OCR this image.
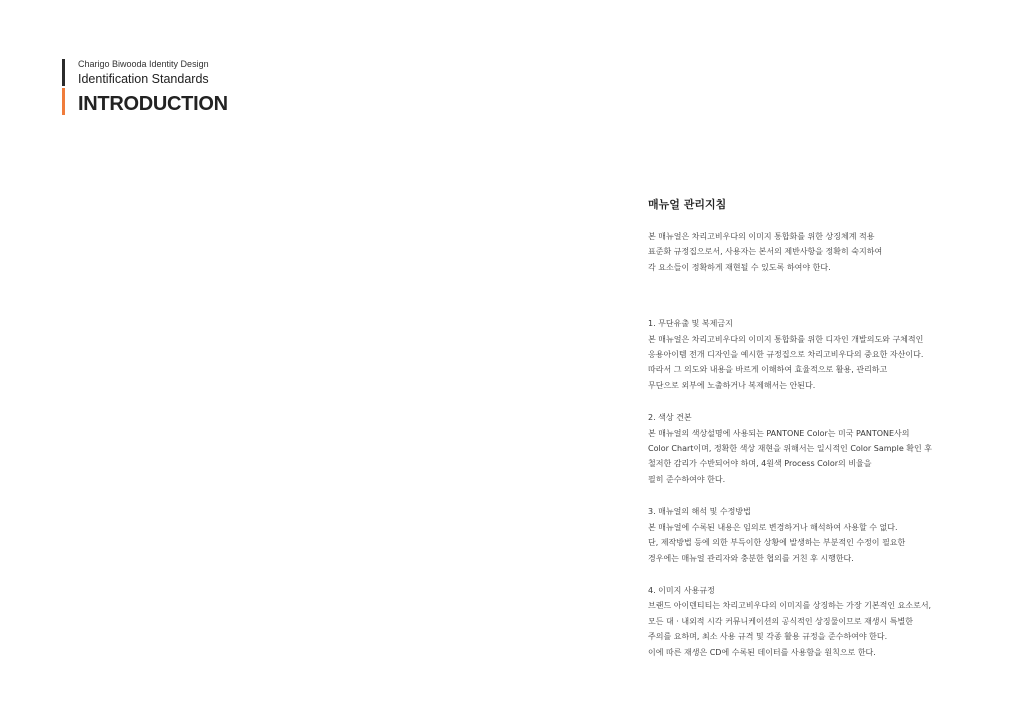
Charigo Biwooda Identity Design
Identification Standards
INTRODUCTION
매뉴얼 관리지침
본 매뉴얼은 차리고비우다의 이미지 통합화를 위한 상징체계 적용
표준화 규정집으로서, 사용자는 본서의 제반사항을 정확히 숙지하여
각 요소들이 정확하게 재현될 수 있도록 하여야 한다.
1. 무단유출 및 복제금지
본 매뉴얼은 차리고비우다의 이미지 통합화를 위한 디자인 개발의도와 구체적인
응용아이템 전개 디자인을 예시한 규정집으로 차리고비우다의 중요한 자산이다.
따라서 그 의도와 내용을 바르게 이해하여 효율적으로 활용, 관리하고
무단으로 외부에 노출하거나 복제해서는 안된다.
2. 색상 견본
본 매뉴얼의 색상설명에 사용되는 PANTONE Color는 미국 PANTONE사의
Color Chart이며, 정확한 색상 재현을 위해서는 일시적인 Color Sample 확인 후
철저한 감리가 수반되어야 하며, 4원색 Process Color의 비율을
필히 준수하여야 한다.
3. 매뉴얼의 해석 및 수정방법
본 매뉴얼에 수록된 내용은 임의로 변경하거나 해석하여 사용할 수 없다.
단, 제작방법 등에 의한 부득이한 상황에 발생하는 부분적인 수정이 필요한
경우에는 매뉴얼 관리자와 충분한 협의를 거친 후 시행한다.
4. 이미지 사용규정
브랜드 아이덴티티는 차리고비우다의 이미지를 상징하는 가장 기본적인 요소로서,
모든 대 · 내외적 시각 커뮤니케이션의 공식적인 상징물이므로 재생시 특별한
주의를 요하며, 최소 사용 규격 및 각종 활용 규정을 준수하여야 한다.
이에 따른 재생은 CD에 수록된 데이터를 사용함을 원칙으로 한다.
